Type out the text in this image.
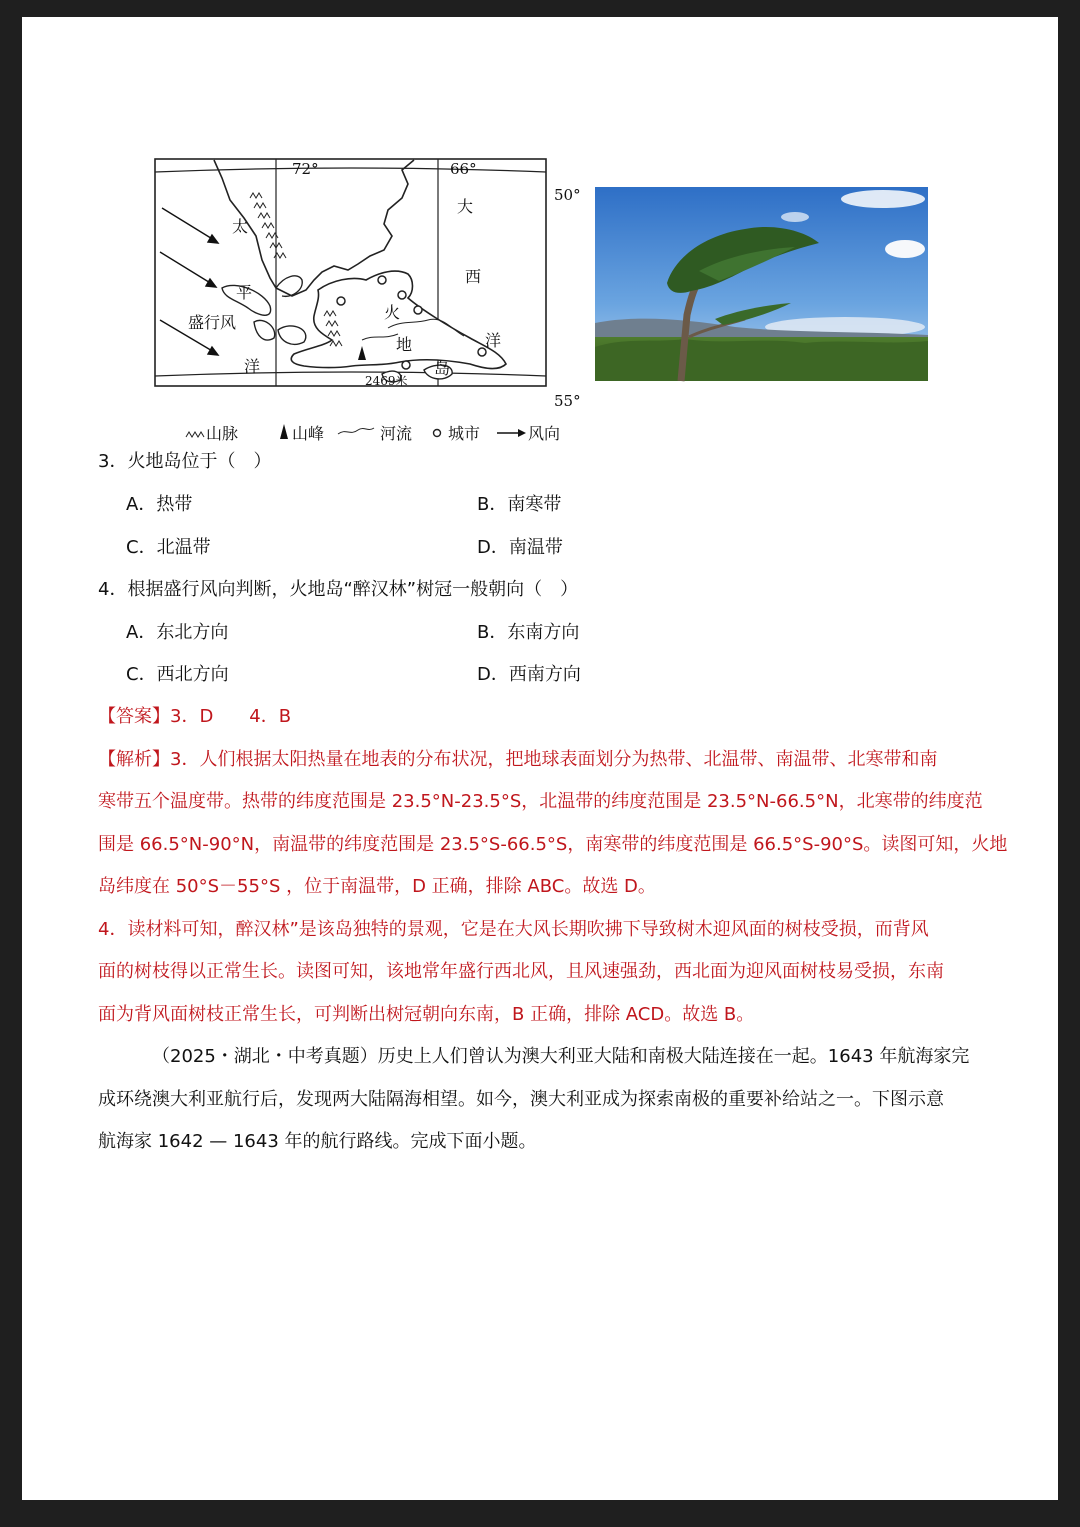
72°	66°
50°
55°
太
平
洋
盛行风
大
西
洋
火
地
岛
2469米
山脉	山峰	河流 城市	风向
3．火地岛位于（　）
A．热带	B．南寒带
C．北温带	D．南温带
4．根据盛行风向判断，火地岛“醉汉林”树冠一般朝向（　）
A．东北方向	B．东南方向
C．西北方向	D．西南方向
【答案】3．D　　4．B
【解析】3．人们根据太阳热量在地表的分布状况，把地球表面划分为热带、北温带、南温带、北寒带和南
寒带五个温度带。热带的纬度范围是 23.5°N-23.5°S，北温带的纬度范围是 23.5°N-66.5°N，北寒带的纬度范
围是 66.5°N-90°N，南温带的纬度范围是 23.5°S-66.5°S，南寒带的纬度范围是 66.5°S-90°S。读图可知，火地
岛纬度在 50°S－55°S ，位于南温带，D 正确，排除 ABC。故选 D。
4．读材料可知，醉汉林”是该岛独特的景观，它是在大风长期吹拂下导致树木迎风面的树枝受损，而背风
面的树枝得以正常生长。读图可知，该地常年盛行西北风，且风速强劲，西北面为迎风面树枝易受损，东南
面为背风面树枝正常生长，可判断出树冠朝向东南，B 正确，排除 ACD。故选 B。
（2025・湖北・中考真题）历史上人们曾认为澳大利亚大陆和南极大陆连接在一起。1643 年航海家完
成环绕澳大利亚航行后，发现两大陆隔海相望。如今，澳大利亚成为探索南极的重要补给站之一。下图示意
航海家 1642 — 1643 年的航行路线。完成下面小题。
